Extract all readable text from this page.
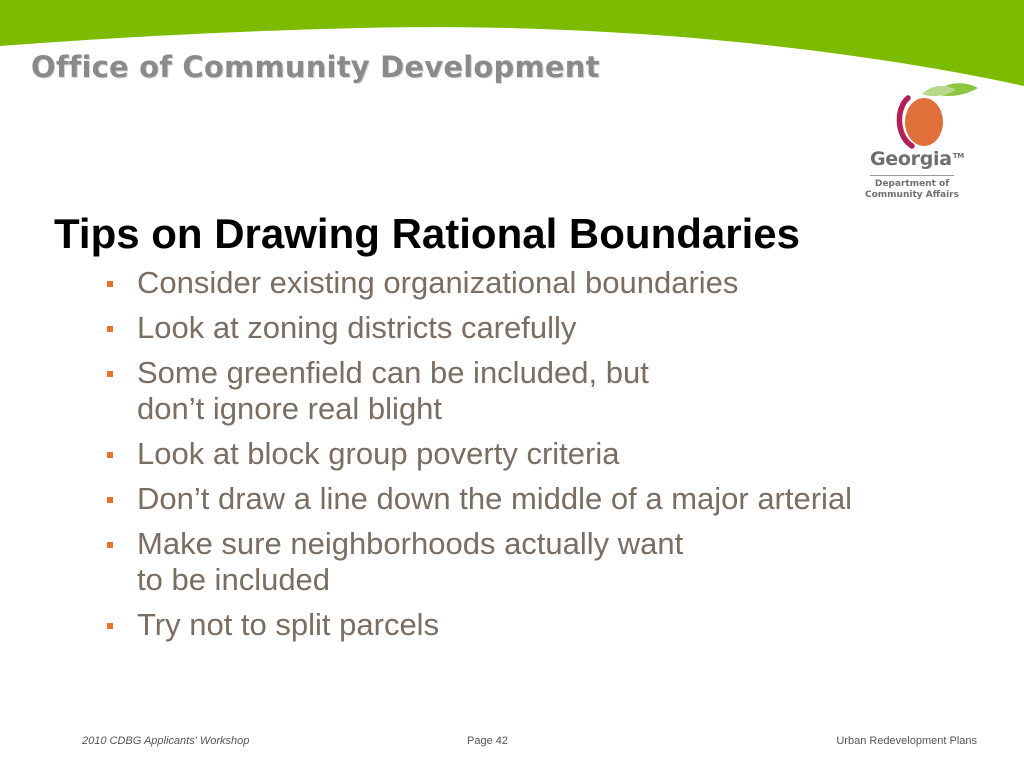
Office of Community Development
Georgia™
Department of
Community Affairs
Tips on Drawing Rational Boundaries
Consider existing organizational boundaries
Look at zoning districts carefully
Some greenfield can be included, but
don’t ignore real blight
Look at block group poverty criteria
Don’t draw a line down the middle of a major arterial
Make sure neighborhoods actually want
to be included
Try not to split parcels
2010 CDBG Applicants' Workshop	Page 42	Urban Redevelopment Plans
